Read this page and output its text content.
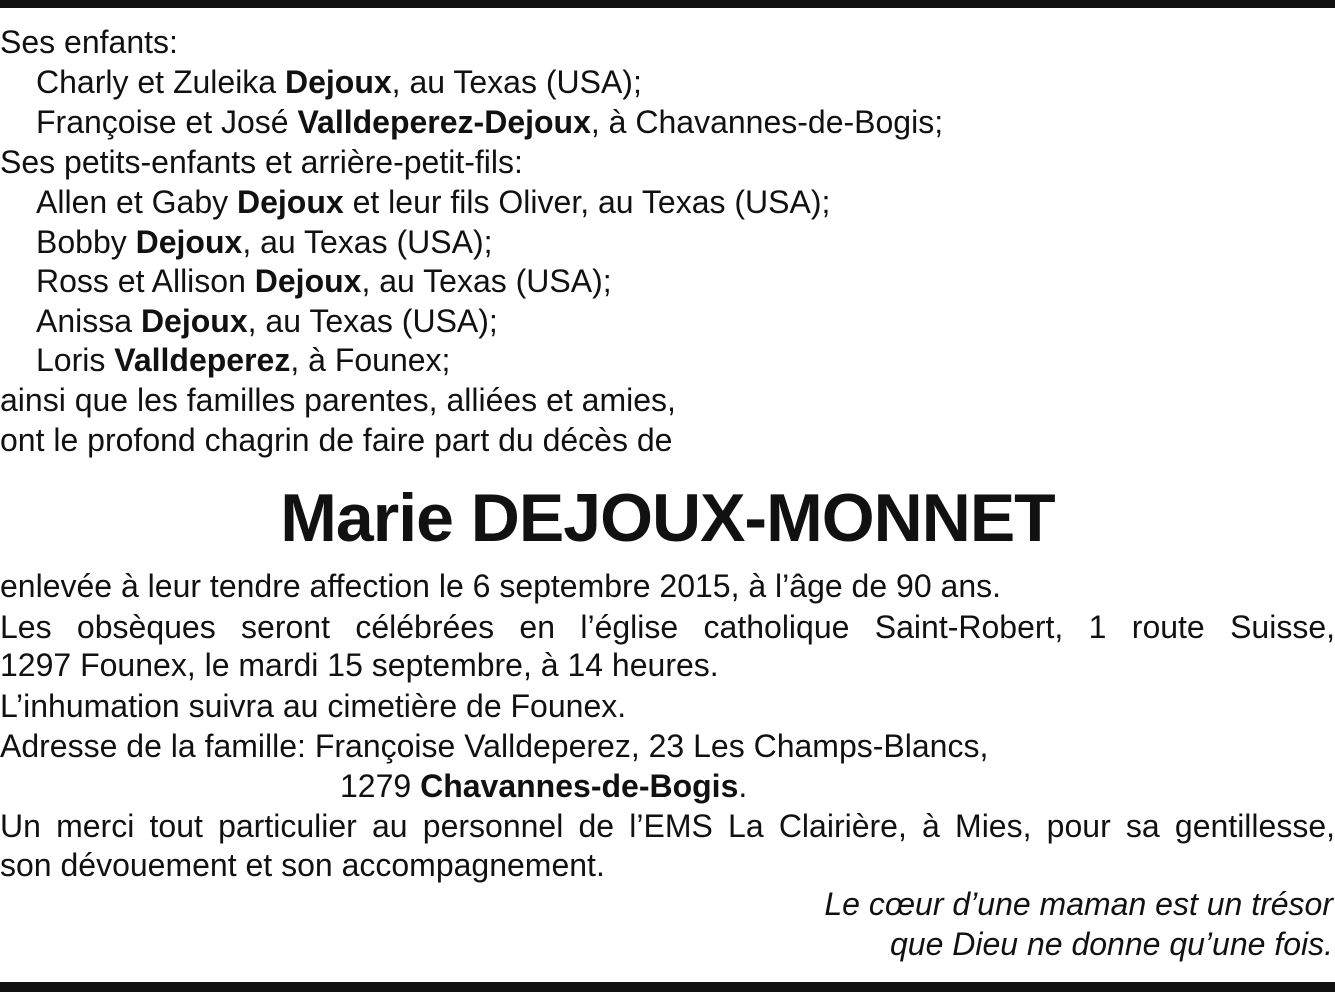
Ses enfants:
Charly et Zuleika Dejoux, au Texas (USA);
Françoise et José Valldeperez-Dejoux, à Chavannes-de-Bogis;
Ses petits-enfants et arrière-petit-fils:
Allen et Gaby Dejoux et leur fils Oliver, au Texas (USA);
Bobby Dejoux, au Texas (USA);
Ross et Allison Dejoux, au Texas (USA);
Anissa Dejoux, au Texas (USA);
Loris Valldeperez, à Founex;
ainsi que les familles parentes, alliées et amies,
ont le profond chagrin de faire part du décès de
Marie DEJOUX-MONNET
enlevée à leur tendre affection le 6 septembre 2015, à l’âge de 90 ans.
Les obsèques seront célébrées en l’église catholique Saint-Robert, 1 route Suisse,
1297 Founex, le mardi 15 septembre, à 14 heures.
L’inhumation suivra au cimetière de Founex.
Adresse de la famille: Françoise Valldeperez, 23 Les Champs-Blancs,
1279 Chavannes-de-Bogis.
Un merci tout particulier au personnel de l’EMS La Clairière, à Mies, pour sa gentillesse,
son dévouement et son accompagnement.
Le cœur d’une maman est un trésor
que Dieu ne donne qu’une fois.
